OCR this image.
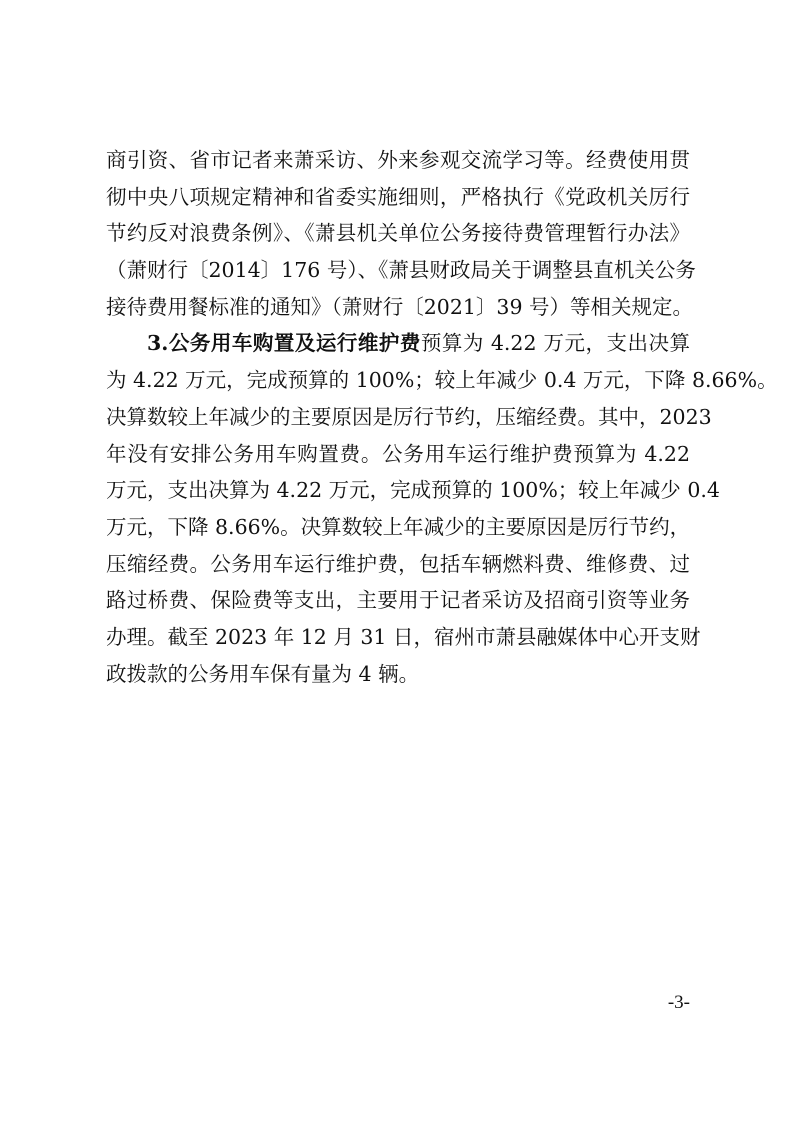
商引资、省市记者来萧采访、外来参观交流学习等。经费使用贯
彻中央八项规定精神和省委实施细则，严格执行《党政机关厉行
节约反对浪费条例》、《萧县机关单位公务接待费管理暂行办法》
（萧财行〔2014〕176 号）、《萧县财政局关于调整县直机关公务
接待费用餐标准的通知》（萧财行〔2021〕39 号）等相关规定。
3.公务用车购置及运行维护费预算为 4.22 万元，支出决算
为 4.22 万元，完成预算的 100%；较上年减少 0.4 万元，下降 8.66%。
决算数较上年减少的主要原因是厉行节约，压缩经费。其中，2023
年没有安排公务用车购置费。公务用车运行维护费预算为 4.22
万元，支出决算为 4.22 万元，完成预算的 100%；较上年减少 0.4
万元，下降 8.66%。决算数较上年减少的主要原因是厉行节约，
压缩经费。公务用车运行维护费，包括车辆燃料费、维修费、过
路过桥费、保险费等支出，主要用于记者采访及招商引资等业务
办理。截至 2023 年 12 月 31 日，宿州市萧县融媒体中心开支财
政拨款的公务用车保有量为 4 辆。
-3-
